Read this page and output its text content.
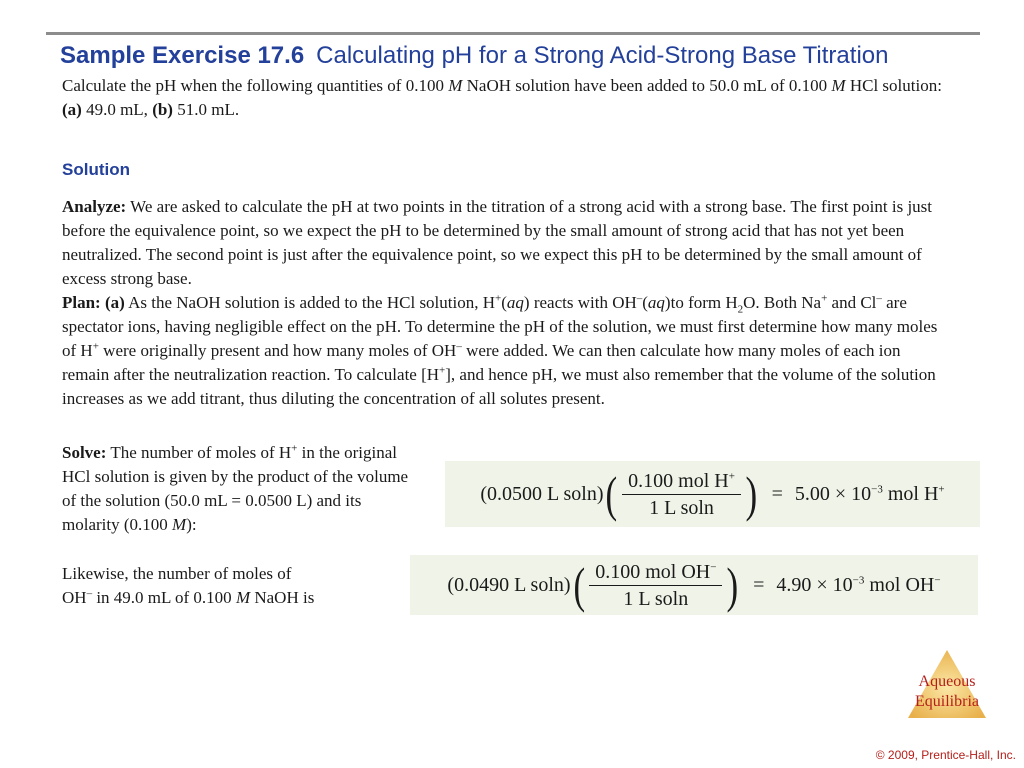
Sample Exercise 17.6 Calculating pH for a Strong Acid-Strong Base Titration
Calculate the pH when the following quantities of 0.100 M NaOH solution have been added to 50.0 mL of 0.100 M HCl solution: (a) 49.0 mL, (b) 51.0 mL.
Solution
Analyze: We are asked to calculate the pH at two points in the titration of a strong acid with a strong base. The first point is just before the equivalence point, so we expect the pH to be determined by the small amount of strong acid that has not yet been neutralized. The second point is just after the equivalence point, so we expect this pH to be determined by the small amount of excess strong base.
Plan: (a) As the NaOH solution is added to the HCl solution, H+(aq) reacts with OH–(aq)to form $H_2O$. Both Na+ and Cl– are spectator ions, having negligible effect on the pH. To determine the pH of the solution, we must first determine how many moles of H+ were originally present and how many moles of OH– were added. We can then calculate how many moles of each ion remain after the neutralization reaction. To calculate [H+], and hence pH, we must also remember that the volume of the solution increases as we add titrant, thus diluting the concentration of all solutes present.
Solve: The number of moles of H+ in the original HCl solution is given by the product of the volume of the solution (50.0 mL = 0.0500 L) and its molarity (0.100 M):
Likewise, the number of moles of
OH– in 49.0 mL of 0.100 M NaOH is
(0.0500 L soln) ( $\frac{0.100 mol H^+}{\text{1 L soln}}$ ) = $5.00 \times 10^{-3}$ mol H+
(0.0490 L soln) ( $\frac{0.100 mol OH^-}{\text{1 L soln}}$ ) = $4.90 \times 10^{-3}$ mol OH−
Aqueous
Equilibria
© 2009, Prentice-Hall, Inc.
